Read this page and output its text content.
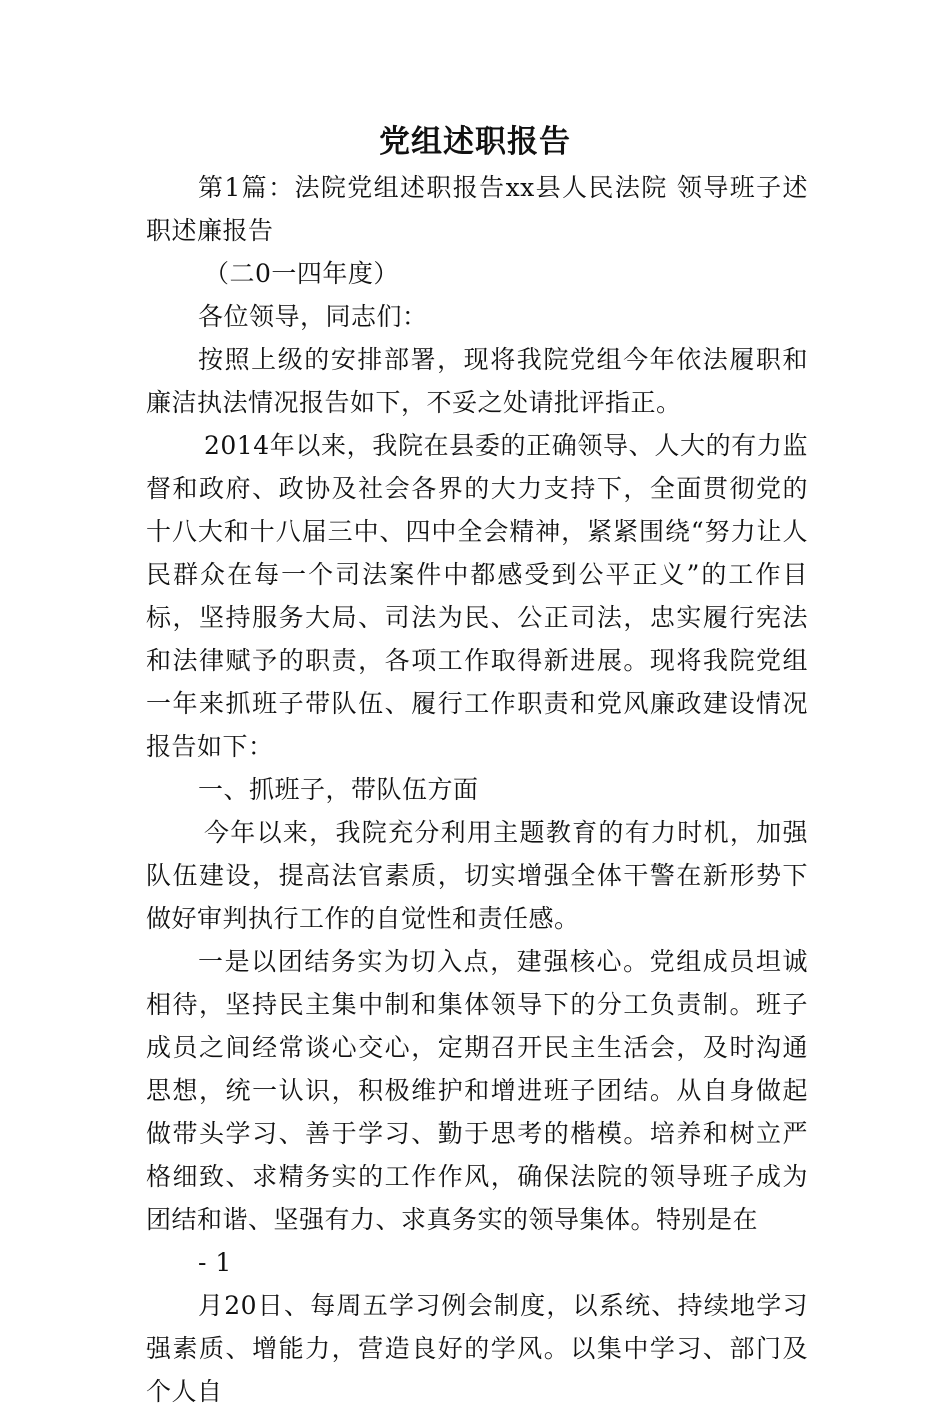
党组述职报告

第1篇：法院党组述职报告xx县人民法院 领导班子述职述廉报告

（二0一四年度）

各位领导，同志们：

按照上级的安排部署，现将我院党组今年依法履职和廉洁执法情况报告如下，不妥之处请批评指正。

2014年以来，我院在县委的正确领导、人大的有力监督和政府、政协及社会各界的大力支持下，全面贯彻党的十八大和十八届三中、四中全会精神，紧紧围绕“努力让人民群众在每一个司法案件中都感受到公平正义”的工作目标，坚持服务大局、司法为民、公正司法，忠实履行宪法和法律赋予的职责，各项工作取得新进展。现将我院党组一年来抓班子带队伍、履行工作职责和党风廉政建设情况报告如下：

一、抓班子，带队伍方面

今年以来，我院充分利用主题教育的有力时机，加强队伍建设，提高法官素质，切实增强全体干警在新形势下做好审判执行工作的自觉性和责任感。

一是以团结务实为切入点，建强核心。党组成员坦诚相待，坚持民主集中制和集体领导下的分工负责制。班子成员之间经常谈心交心，定期召开民主生活会，及时沟通思想，统一认识，积极维护和增进班子团结。从自身做起做带头学习、善于学习、勤于思考的楷模。培养和树立严格细致、求精务实的工作作风，确保法院的领导班子成为团结和谐、坚强有力、求真务实的领导集体。特别是在

- 1

月20日、每周五学习例会制度，以系统、持续地学习强素质、增能力，营造良好的学风。以集中学习、部门及个人自
